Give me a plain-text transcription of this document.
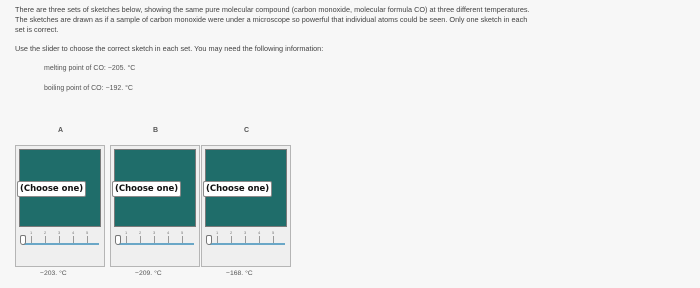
There are three sets of sketches below, showing the same pure molecular compound (carbon monoxide, molecular formula CO) at three different temperatures.

The sketches are drawn as if a sample of carbon monoxide were under a microscope so powerful that individual atoms could be seen. Only one sketch in each

set is correct.

Use the slider to choose the correct sketch in each set. You may need the following information:
melting point of CO: −205. °C
boiling point of CO: −192. °C
A
(Choose one)
1	2	3	4	5
−203. °C
B
(Choose one)
1	2	3	4	5
−209. °C
C
(Choose one)
1	2	3	4	5
−168. °C
